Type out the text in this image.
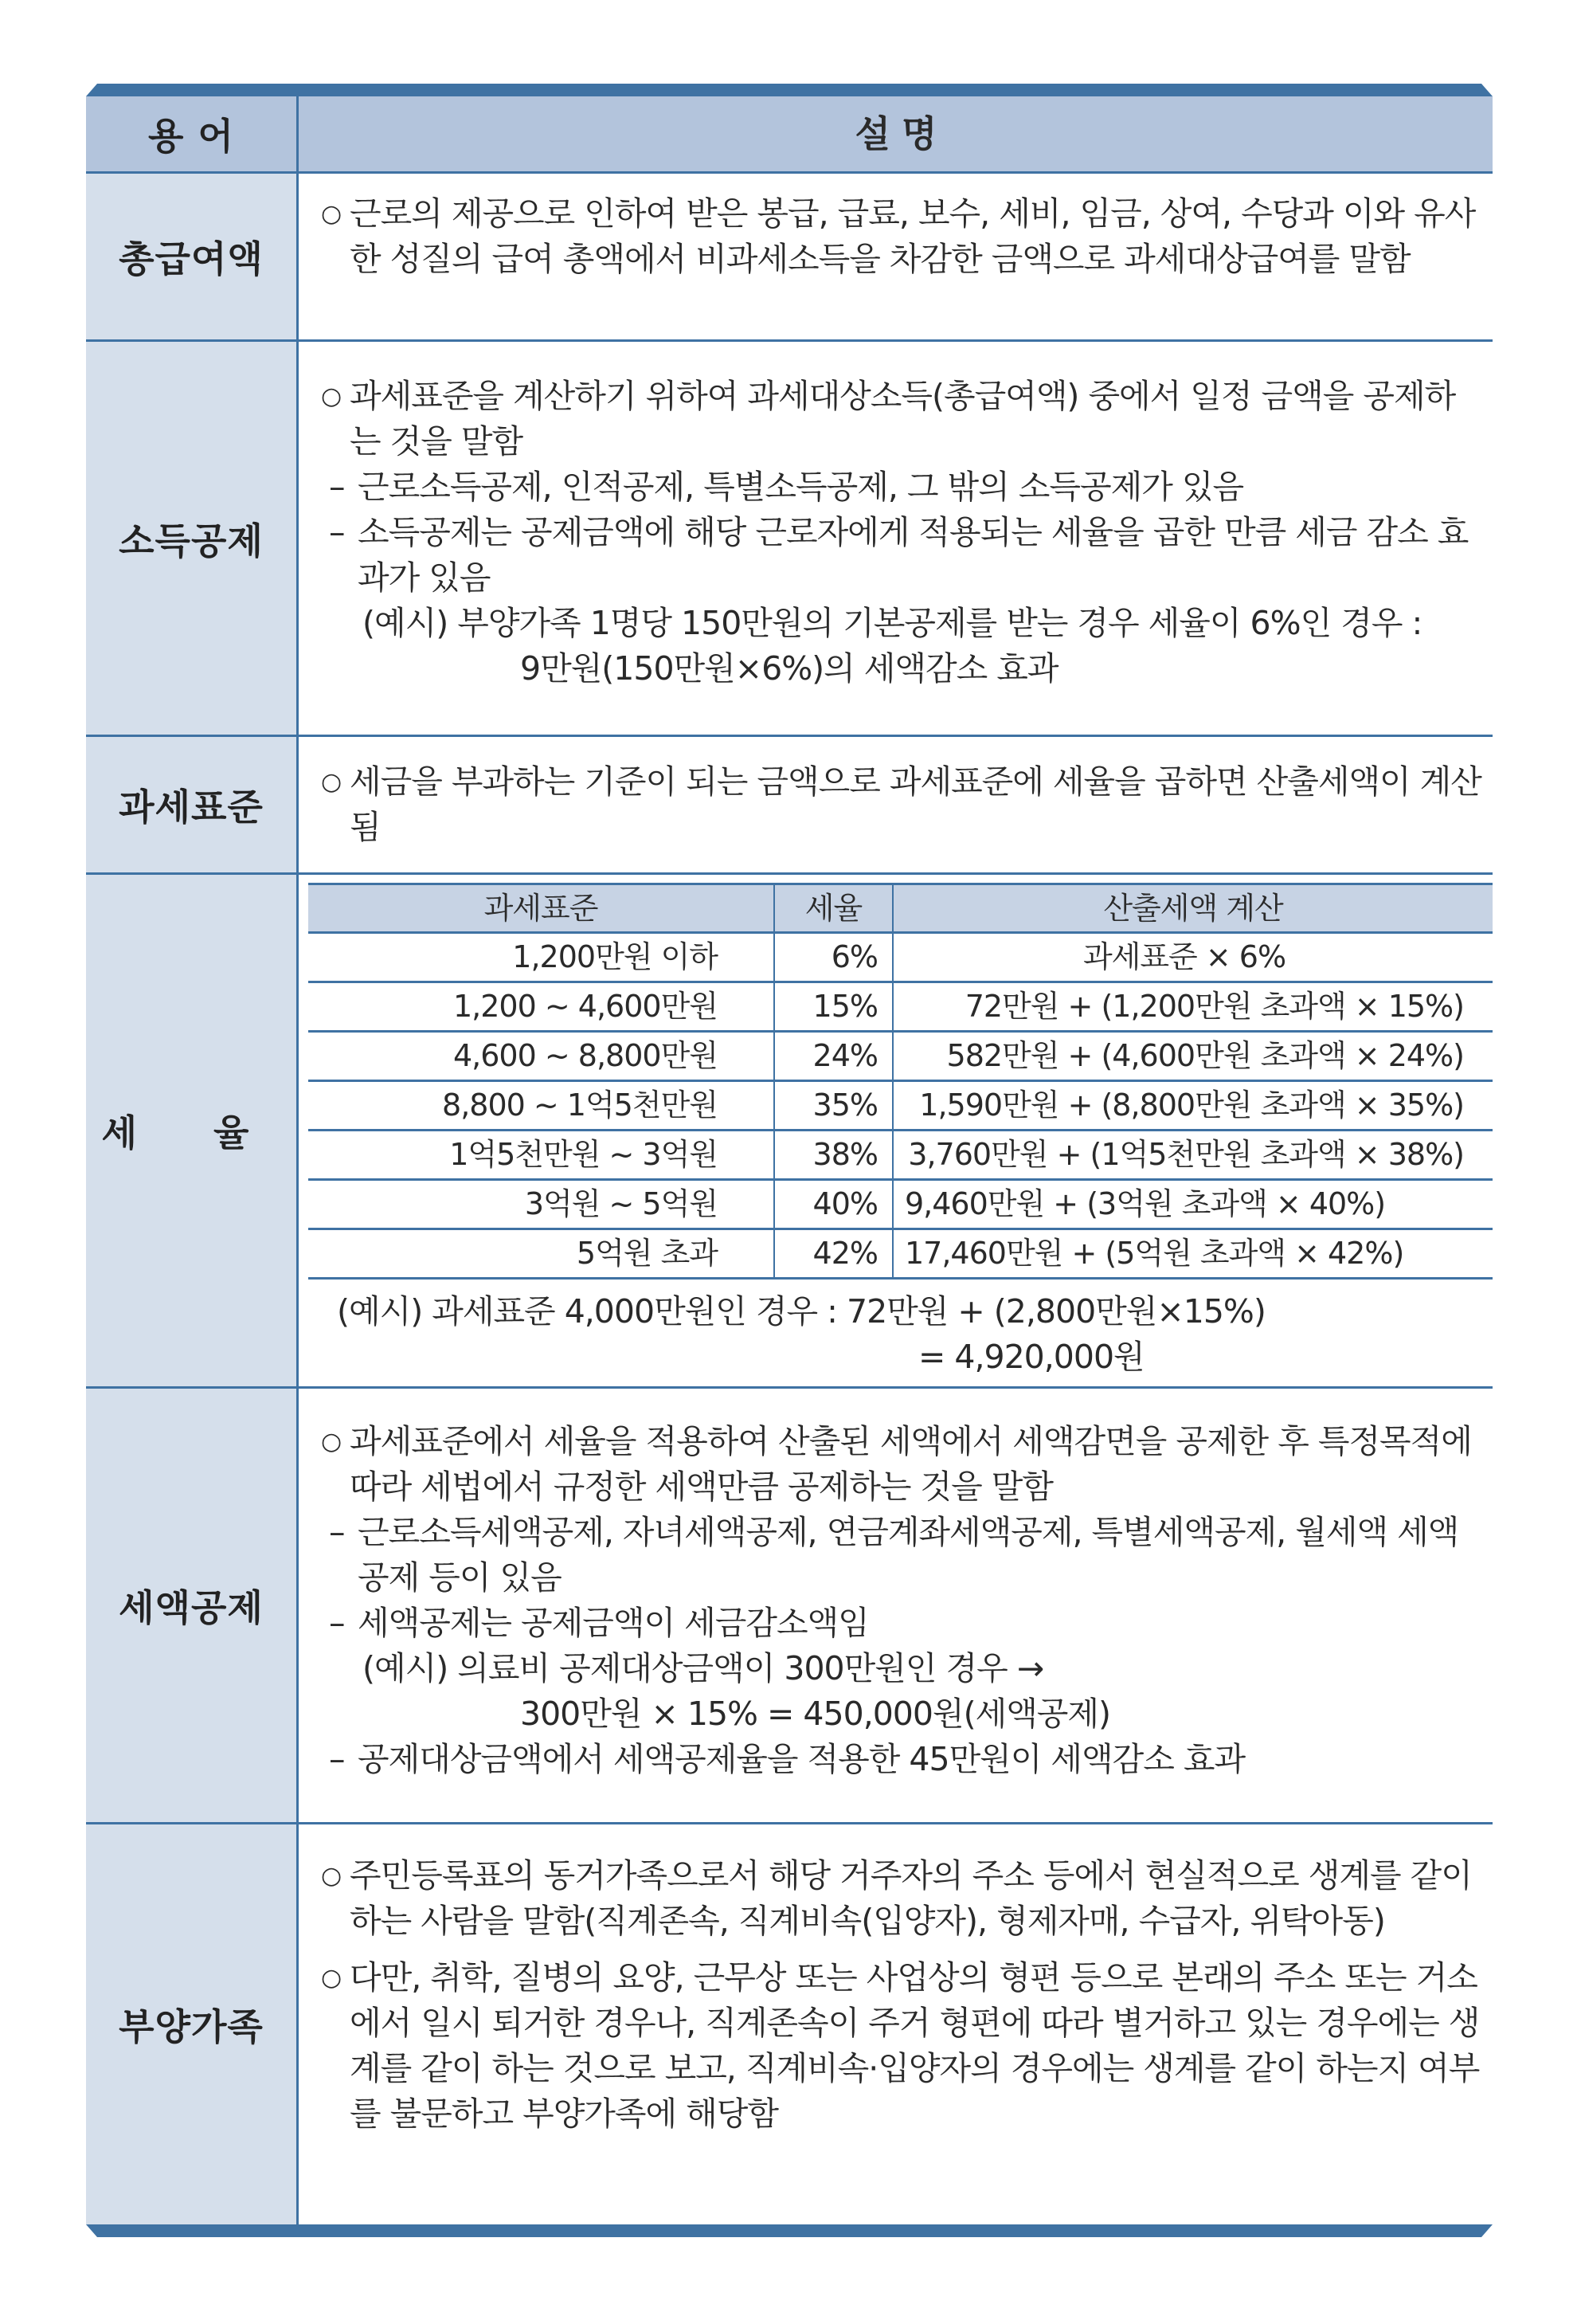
용 어	설 명
총급여액
○ 근로의 제공으로 인하여 받은 봉급, 급료, 보수, 세비, 임금, 상여, 수당과 이와 유사한 성질의 급여 총액에서 비과세소득을 차감한 금액으로 과세대상급여를 말함
소득공제
○ 과세표준을 계산하기 위하여 과세대상소득(총급여액) 중에서 일정 금액을 공제하는 것을 말함
– 근로소득공제, 인적공제, 특별소득공제, 그 밖의 소득공제가 있음
– 소득공제는 공제금액에 해당 근로자에게 적용되는 세율을 곱한 만큼 세금 감소 효과가 있음
(예시) 부양가족 1명당 150만원의 기본공제를 받는 경우 세율이 6%인 경우 :
9만원(150만원×6%)의 세액감소 효과
과세표준
○ 세금을 부과하는 기준이 되는 금액으로 과세표준에 세율을 곱하면 산출세액이 계산됨
세 율
과세표준	세율	산출세액 계산
1,200만원 이하	6%	과세표준 × 6%
1,200 ~ 4,600만원	15%	72만원 + (1,200만원 초과액 × 15%)
4,600 ~ 8,800만원	24%	582만원 + (4,600만원 초과액 × 24%)
8,800 ~ 1억5천만원	35%	1,590만원 + (8,800만원 초과액 × 35%)
1억5천만원 ~ 3억원	38%	3,760만원 + (1억5천만원 초과액 × 38%)
3억원 ~ 5억원	40%	9,460만원 + (3억원 초과액 × 40%)
5억원 초과	42%	17,460만원 + (5억원 초과액 × 42%)
(예시) 과세표준 4,000만원인 경우 : 72만원 + (2,800만원×15%)
= 4,920,000원
세액공제
○ 과세표준에서 세율을 적용하여 산출된 세액에서 세액감면을 공제한 후 특정목적에 따라 세법에서 규정한 세액만큼 공제하는 것을 말함
– 근로소득세액공제, 자녀세액공제, 연금계좌세액공제, 특별세액공제, 월세액 세액공제 등이 있음
– 세액공제는 공제금액이 세금감소액임
(예시) 의료비 공제대상금액이 300만원인 경우 →
300만원 × 15% = 450,000원(세액공제)
– 공제대상금액에서 세액공제율을 적용한 45만원이 세액감소 효과
부양가족
○ 주민등록표의 동거가족으로서 해당 거주자의 주소 등에서 현실적으로 생계를 같이 하는 사람을 말함(직계존속, 직계비속(입양자), 형제자매, 수급자, 위탁아동)
○ 다만, 취학, 질병의 요양, 근무상 또는 사업상의 형편 등으로 본래의 주소 또는 거소에서 일시 퇴거한 경우나, 직계존속이 주거 형편에 따라 별거하고 있는 경우에는 생계를 같이 하는 것으로 보고, 직계비속·입양자의 경우에는 생계를 같이 하는지 여부를 불문하고 부양가족에 해당함
